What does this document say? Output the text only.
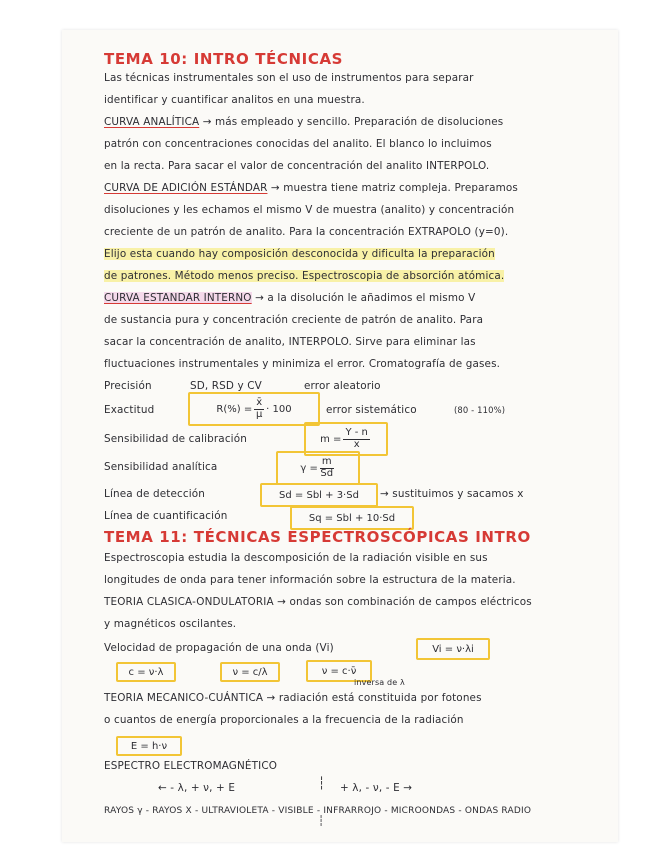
TEMA 10: INTRO TÉCNICAS
Las técnicas instrumentales son el uso de instrumentos para separar
identificar y cuantificar analitos en una muestra.
CURVA ANALÍTICA → más empleado y sencillo. Preparación de disoluciones
patrón con concentraciones conocidas del analito. El blanco lo incluimos
en la recta. Para sacar el valor de concentración del analito INTERPOLO.
CURVA DE ADICIÓN ESTÁNDAR → muestra tiene matriz compleja. Preparamos
disoluciones y les echamos el mismo V de muestra (analito) y concentración
creciente de un patrón de analito. Para la concentración EXTRAPOLO (y=0).
Elijo esta cuando hay composición desconocida y dificulta la preparación
de patrones. Método menos preciso. Espectroscopia de absorción atómica.
CURVA ESTANDAR INTERNO → a la disolución le añadimos el mismo V
de sustancia pura y concentración creciente de patrón de analito. Para
sacar la concentración de analito, INTERPOLO. Sirve para eliminar las
fluctuaciones instrumentales y minimiza el error. Cromatografía de gases.
Precisión	SD, RSD y CV	error aleatorio
Exactitud	$R(\%) = \frac{x̄}{\mu} \cdot 100$	error sistemático	(80 - 110%)
Sensibilidad de calibración	$m = \frac{Y - n}{x}$
Sensibilidad analítica	$\gamma = \frac{m}{Sd}$
Línea de detección	Sd = Sbl + 3·Sd → sustituimos y sacamos x
Línea de cuantificación	Sq = Sbl + 10·Sd
TEMA 11: TÉCNICAS ESPECTROSCÓPICAS INTRO
Espectroscopia estudia la descomposición de la radiación visible en sus
longitudes de onda para tener información sobre la estructura de la materia.
TEORIA CLASICA-ONDULATORIA → ondas son combinación de campos eléctricos
y magnéticos oscilantes.
Velocidad de propagación de una onda (Vi)	Vi = ν·λi
c = ν·λ	ν = c/λ	ν = c·ν̄
inversa de λ
TEORIA MECANICO-CUÁNTICA → radiación está constituida por fotones
o cuantos de energía proporcionales a la frecuencia de la radiación
E = h·ν
ESPECTRO ELECTROMAGNÉTICO
← - λ, + ν, + E	┆ + λ, - ν, - E →
RAYOS γ - RAYOS X - ULTRAVIOLETA - VISIBLE - INFRARROJO - MICROONDAS - ONDAS RADIO
┆
